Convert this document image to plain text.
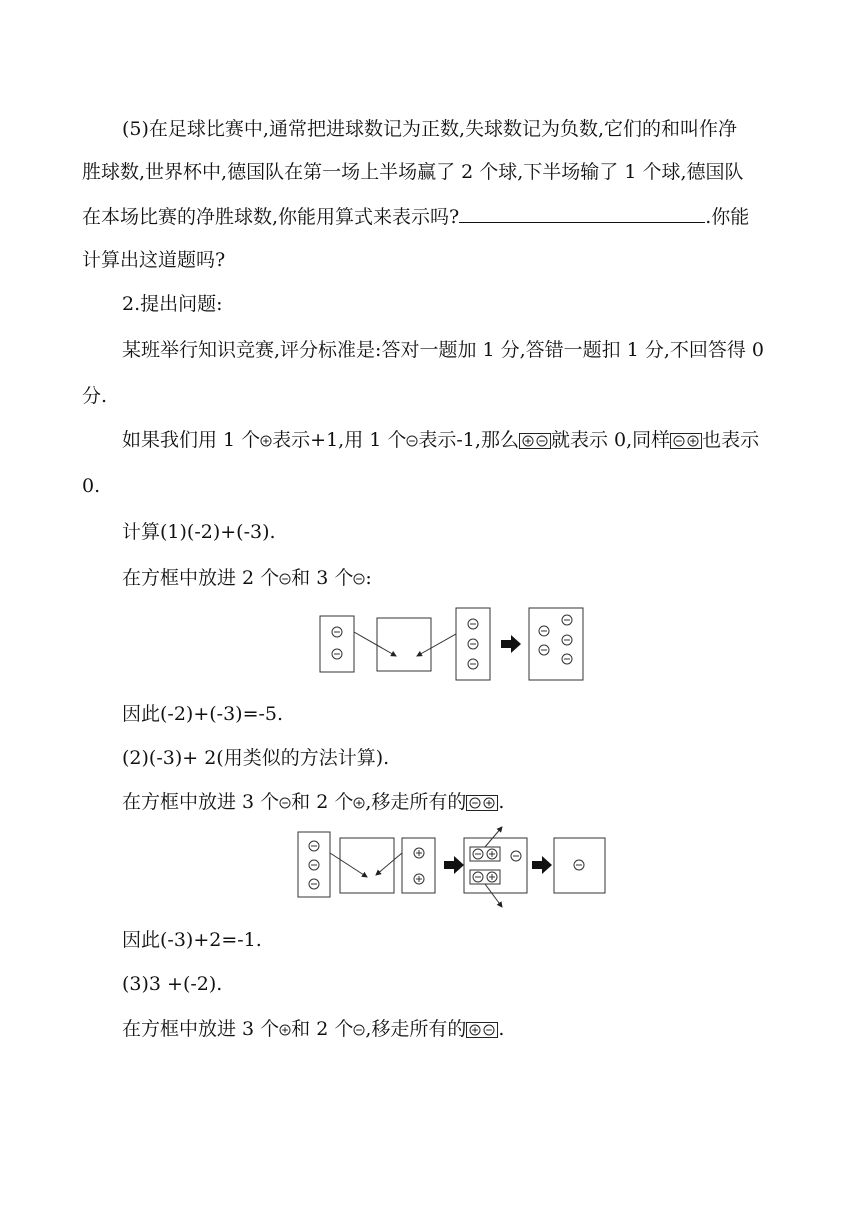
(5)在足球比赛中,通常把进球数记为正数,失球数记为负数,它们的和叫作净
胜球数,世界杯中,德国队在第一场上半场赢了 2 个球,下半场输了 1 个球,德国队
在本场比赛的净胜球数,你能用算式来表示吗?	.你能
计算出这道题吗?
2.提出问题:
某班举行知识竞赛,评分标准是:答对一题加 1 分,答错一题扣 1 分,不回答得 0
分.
如果我们用 1 个 表示+1,用 1 个 表示-1,那么 就表示 0,同样 也表示
0.
计算(1)(-2)+(-3).
在方框中放进 2 个 和 3 个 :
因此(-2)+(-3)=-5.
(2)(-3)+ 2(用类似的方法计算).
在方框中放进 3 个 和 2 个 ,移走所有的 .
因此(-3)+2=-1.
(3)3 +(-2).
在方框中放进 3 个 和 2 个 ,移走所有的 .
